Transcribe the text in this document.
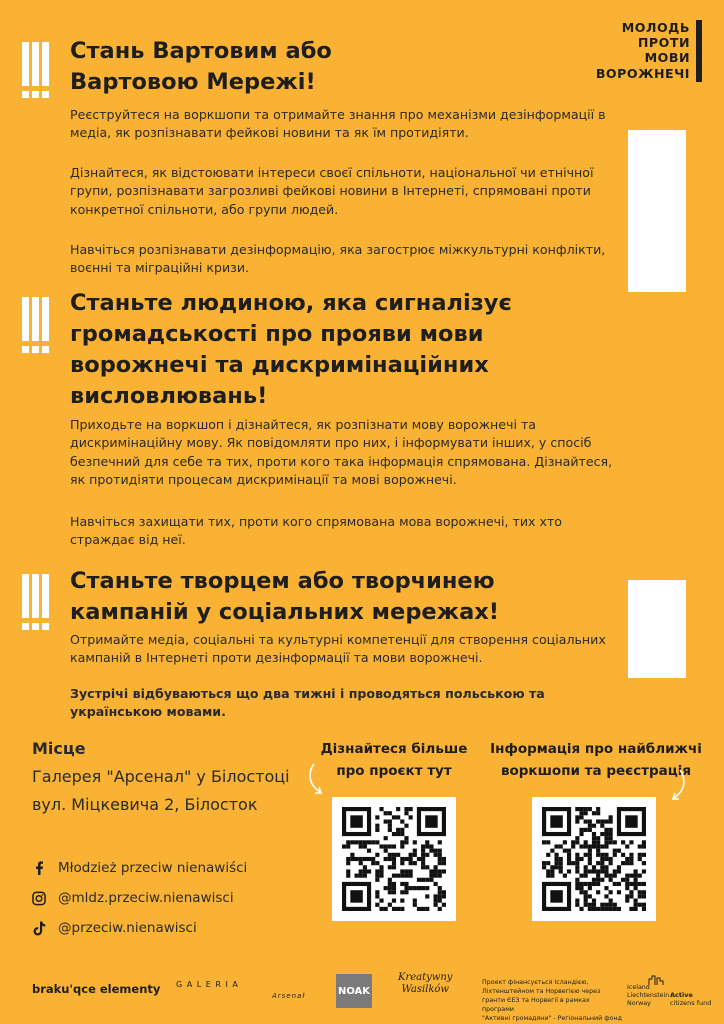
МОЛОДЬ
ПРОТИ
МОВИ
ВОРОЖНЕЧІ
Стань Вартовим або
Вартовою Мережі!
Реєструйтеся на воркшопи та отримайте знання про механізми дезінформації в медіа, як розпізнавати фейкові новини та як їм протидіяти.
Дізнайтеся, як відстоювати інтереси своєї спільноти, національної чи етнічної групи, розпізнавати загрозливі фейкові новини в Інтернеті, спрямовані проти конкретної спільноти, або групи людей.
Навчіться розпізнавати дезінформацію, яка загострює міжкультурні конфлікти, воєнні та міграційні кризи.
Станьте людиною, яка сигналізує
громадськості про прояви мови
ворожнечі та дискримінаційних
висловлювань!
Приходьте на воркшоп і дізнайтеся, як розпізнати мову ворожнечі та дискримінаційну мову. Як повідомляти про них, і інформувати інших, у спосіб безпечний для себе та тих, проти кого така інформація спрямована. Дізнайтеся, як протидіяти процесам дискримінації та мові ворожнечі.
Навчіться захищати тих, проти кого спрямована мова ворожнечі, тих хто страждає від неї.
Станьте творцем або творчинею
кампаній у соціальних мережах!
Отримайте медіа, соціальні та культурні компетенції для створення соціальних кампаній в Інтернеті проти дезінформації та мови ворожнечі.
Зустрічі відбуваються що два тижні і проводяться польською та українською мовами.
Місце
Галерея "Арсенал" у Білостоці
вул. Міцкевича 2, Білосток
Młodzież przeciw nienawiści
@mldz.przeciw.nienawisci
@przeciw.nienawisci
Дізнайтеся більше
про проєкт тут
Інформація про найближчі
воркшопи та реєстрація
braku'qce elementy G A L E R I A
Arsenał	NOAK
Kreatywny
Wasilków
Проект фінансується Ісландією,
Ліхтенштейном та Норвегією через
гранти ЄЕЗ та Норвегії в рамках програми
"Активні громадяни" - Регіональний фонд
Iceland
Liechtenstein
Norway
Active
citizens fund
